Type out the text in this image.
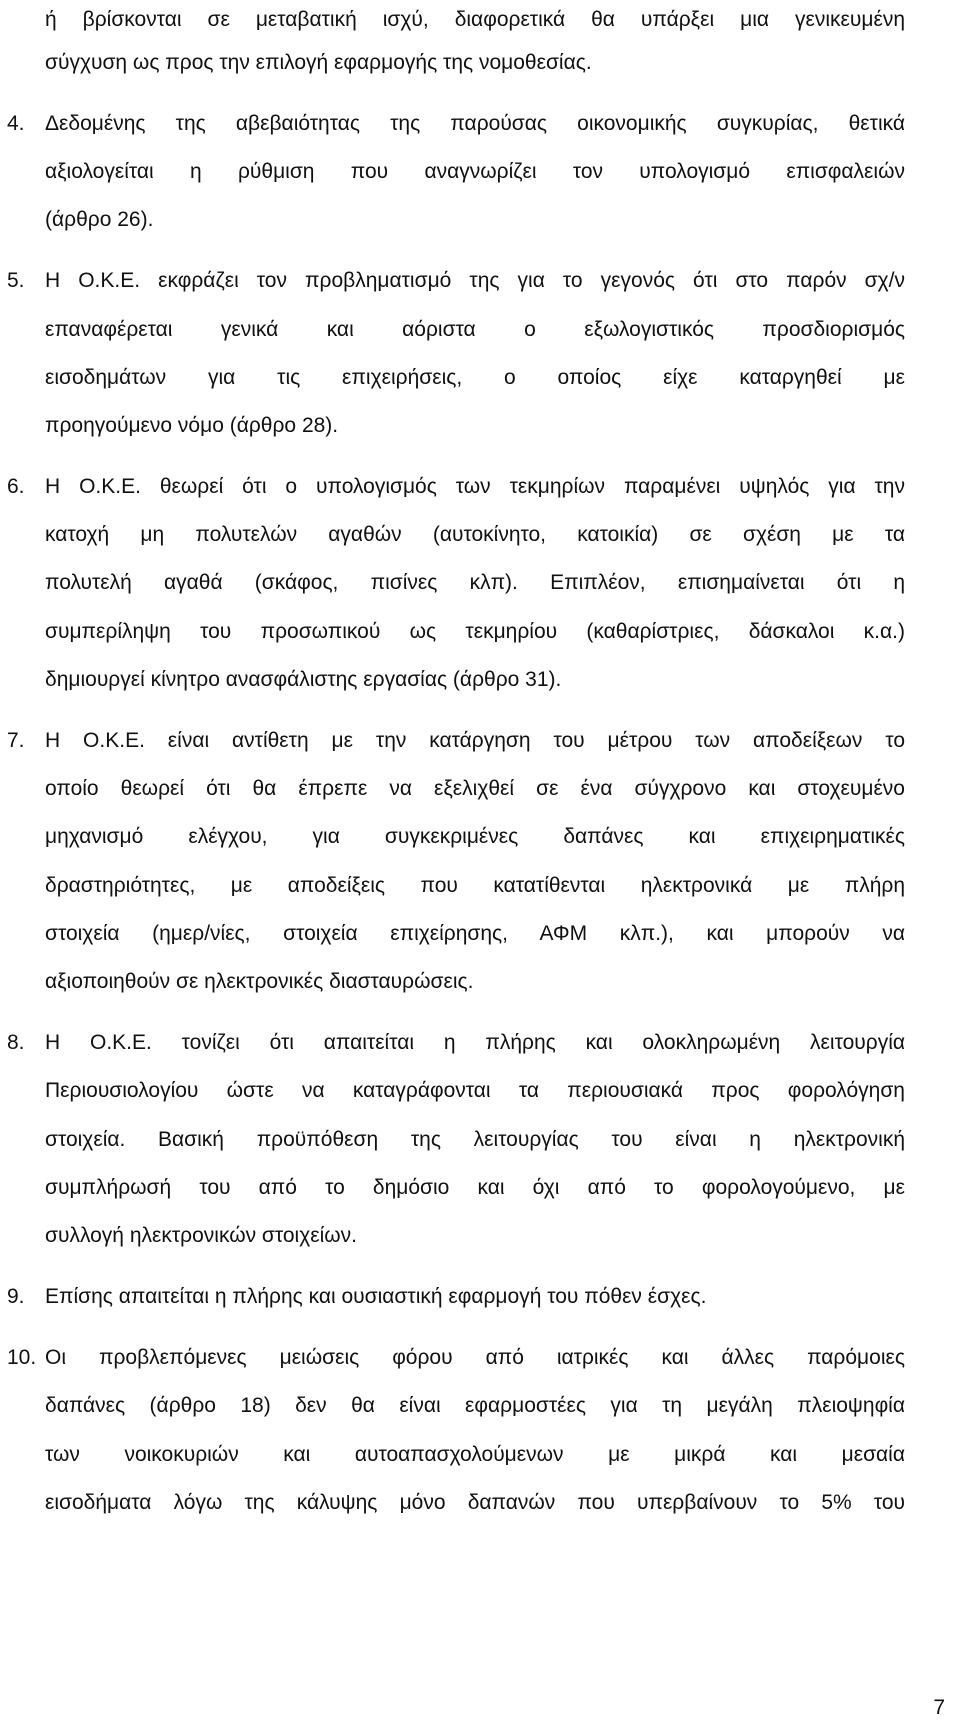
ή βρίσκονται σε μεταβατική ισχύ, διαφορετικά θα υπάρξει μια γενικευμένη
σύγχυση ως προς την επιλογή εφαρμογής της νομοθεσίας.
4. Δεδομένης της αβεβαιότητας της παρούσας οικονομικής συγκυρίας, θετικά
αξιολογείται η ρύθμιση που αναγνωρίζει τον υπολογισμό επισφαλειών
(άρθρο 26).
5. Η Ο.Κ.Ε. εκφράζει τον προβληματισμό της για το γεγονός ότι στο παρόν σχ/ν
επαναφέρεται γενικά και αόριστα ο εξωλογιστικός προσδιορισμός
εισοδημάτων για τις επιχειρήσεις, ο οποίος είχε καταργηθεί με
προηγούμενο νόμο (άρθρο 28).
6. Η Ο.Κ.Ε. θεωρεί ότι ο υπολογισμός των τεκμηρίων παραμένει υψηλός για την
κατοχή μη πολυτελών αγαθών (αυτοκίνητο, κατοικία) σε σχέση με τα
πολυτελή αγαθά (σκάφος, πισίνες κλπ). Επιπλέον, επισημαίνεται ότι η
συμπερίληψη του προσωπικού ως τεκμηρίου (καθαρίστριες, δάσκαλοι κ.α.)
δημιουργεί κίνητρο ανασφάλιστης εργασίας (άρθρο 31).
7. Η Ο.Κ.Ε. είναι αντίθετη με την κατάργηση του μέτρου των αποδείξεων το
οποίο θεωρεί ότι θα έπρεπε να εξελιχθεί σε ένα σύγχρονο και στοχευμένο
μηχανισμό ελέγχου, για συγκεκριμένες δαπάνες και επιχειρηματικές
δραστηριότητες, με αποδείξεις που κατατίθενται ηλεκτρονικά με πλήρη
στοιχεία (ημερ/νίες, στοιχεία επιχείρησης, ΑΦΜ κλπ.), και μπορούν να
αξιοποιηθούν σε ηλεκτρονικές διασταυρώσεις.
8. Η Ο.Κ.Ε. τονίζει ότι απαιτείται η πλήρης και ολοκληρωμένη λειτουργία
Περιουσιολογίου ώστε να καταγράφονται τα περιουσιακά προς φορολόγηση
στοιχεία. Βασική προϋπόθεση της λειτουργίας του είναι η ηλεκτρονική
συμπλήρωσή του από το δημόσιο και όχι από το φορολογούμενο, με
συλλογή ηλεκτρονικών στοιχείων.
9. Επίσης απαιτείται η πλήρης και ουσιαστική εφαρμογή του πόθεν έσχες.
10. Οι προβλεπόμενες μειώσεις φόρου από ιατρικές και άλλες παρόμοιες
δαπάνες (άρθρο 18) δεν θα είναι εφαρμοστέες για τη μεγάλη πλειοψηφία
των νοικοκυριών και αυτοαπασχολούμενων με μικρά και μεσαία
εισοδήματα λόγω της κάλυψης μόνο δαπανών που υπερβαίνουν το 5% του
7
